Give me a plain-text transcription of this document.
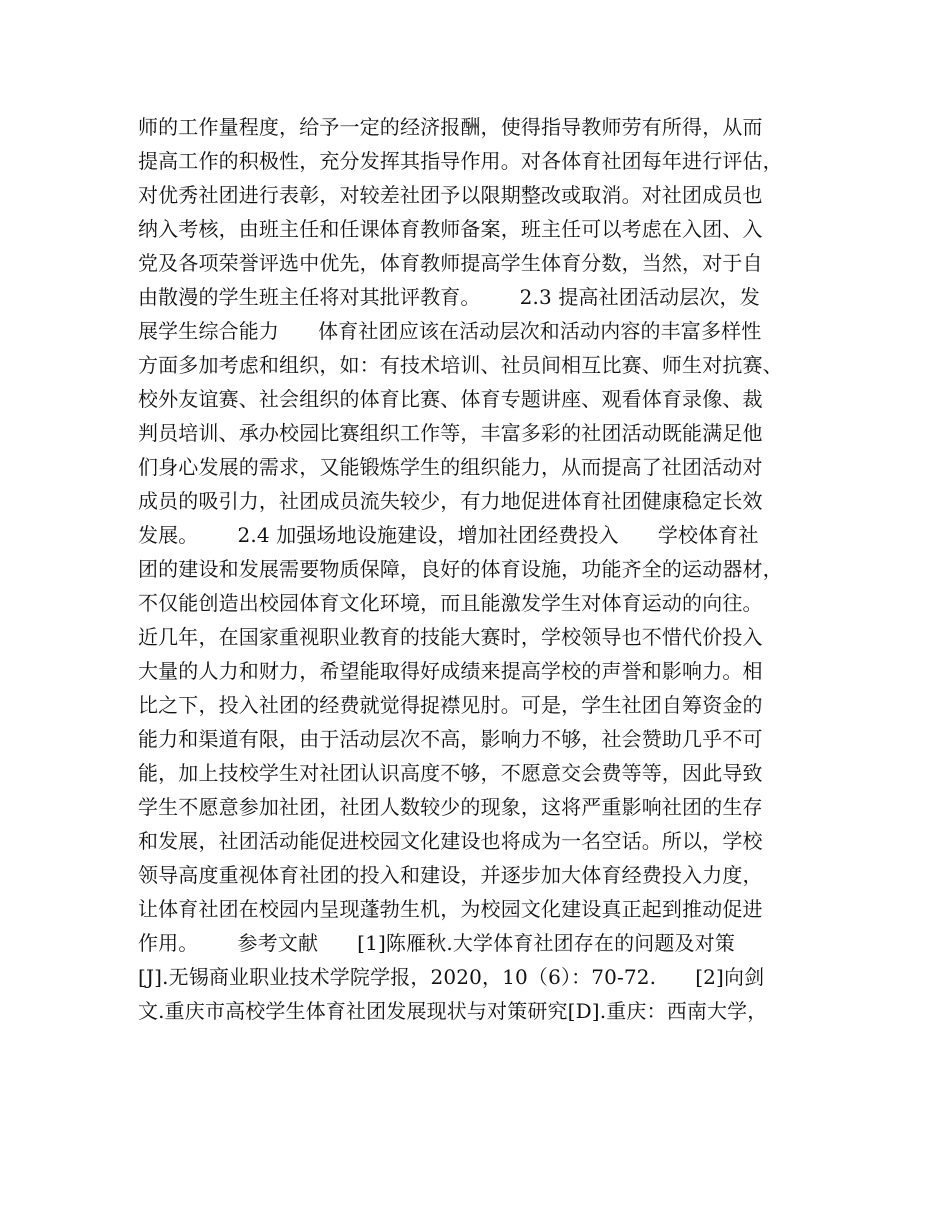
师的工作量程度，给予一定的经济报酬，使得指导教师劳有所得，从而
提高工作的积极性，充分发挥其指导作用。对各体育社团每年进行评估，
对优秀社团进行表彰，对较差社团予以限期整改或取消。对社团成员也
纳入考核，由班主任和任课体育教师备案，班主任可以考虑在入团、入
党及各项荣誉评选中优先，体育教师提高学生体育分数，当然，对于自
由散漫的学生班主任将对其批评教育。      2.3 提高社团活动层次，发
展学生综合能力      体育社团应该在活动层次和活动内容的丰富多样性
方面多加考虑和组织，如：有技术培训、社员间相互比赛、师生对抗赛、
校外友谊赛、社会组织的体育比赛、体育专题讲座、观看体育录像、裁
判员培训、承办校园比赛组织工作等，丰富多彩的社团活动既能满足他
们身心发展的需求，又能锻炼学生的组织能力，从而提高了社团活动对
成员的吸引力，社团成员流失较少，有力地促进体育社团健康稳定长效
发展。      2.4 加强场地设施建设，增加社团经费投入      学校体育社
团的建设和发展需要物质保障，良好的体育设施，功能齐全的运动器材，
不仅能创造出校园体育文化环境，而且能激发学生对体育运动的向往。
近几年，在国家重视职业教育的技能大赛时，学校领导也不惜代价投入
大量的人力和财力，希望能取得好成绩来提高学校的声誉和影响力。相
比之下，投入社团的经费就觉得捉襟见肘。可是，学生社团自筹资金的
能力和渠道有限，由于活动层次不高，影响力不够，社会赞助几乎不可
能，加上技校学生对社团认识高度不够，不愿意交会费等等，因此导致
学生不愿意参加社团，社团人数较少的现象，这将严重影响社团的生存
和发展，社团活动能促进校园文化建设也将成为一名空话。所以，学校
领导高度重视体育社团的投入和建设，并逐步加大体育经费投入力度，
让体育社团在校园内呈现蓬勃生机，为校园文化建设真正起到推动促进
作用。      参考文献      [1]陈雁秋.大学体育社团存在的问题及对策
[J].无锡商业职业技术学院学报，2020，10（6）：70-72.      [2]向剑
文.重庆市高校学生体育社团发展现状与对策研究[D].重庆：西南大学，
